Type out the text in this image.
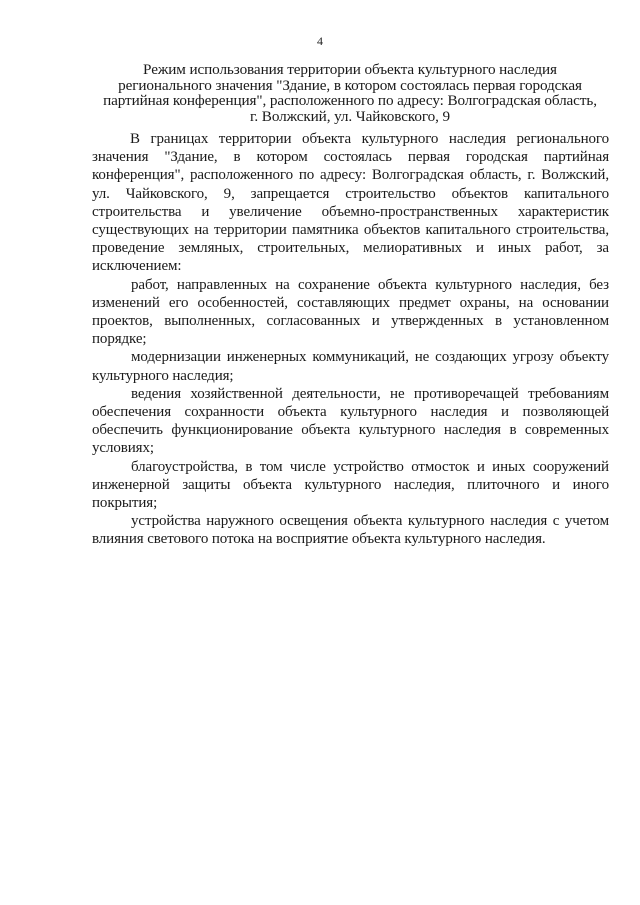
4
Режим использования территории объекта культурного наследия
регионального значения "Здание, в котором состоялась первая городская
партийная конференция", расположенного по адресу: Волгоградская область,
г. Волжский, ул. Чайковского, 9

В границах территории объекта культурного наследия регионального значения "Здание, в котором состоялась первая городская партийная конференция", расположенного по адресу: Волгоградская область, г. Волжский, ул. Чайковского, 9, запрещается строительство объектов капитального строительства и увеличение объемно-пространственных характеристик существующих на территории памятника объектов капитального строительства, проведение земляных, строительных, мелиоративных и иных работ, за исключением:

работ, направленных на сохранение объекта культурного наследия, без изменений его особенностей, составляющих предмет охраны, на основании проектов, выполненных, согласованных и утвержденных в установленном порядке;

модернизации инженерных коммуникаций, не создающих угрозу объекту культурного наследия;

ведения хозяйственной деятельности, не противоречащей требованиям обеспечения сохранности объекта культурного наследия и позволяющей обеспечить функционирование объекта культурного наследия в современных условиях;

благоустройства, в том числе устройство отмосток и иных сооружений инженерной защиты объекта культурного наследия, плиточного и иного покрытия;

устройства наружного освещения объекта культурного наследия с учетом влияния светового потока на восприятие объекта культурного наследия.
